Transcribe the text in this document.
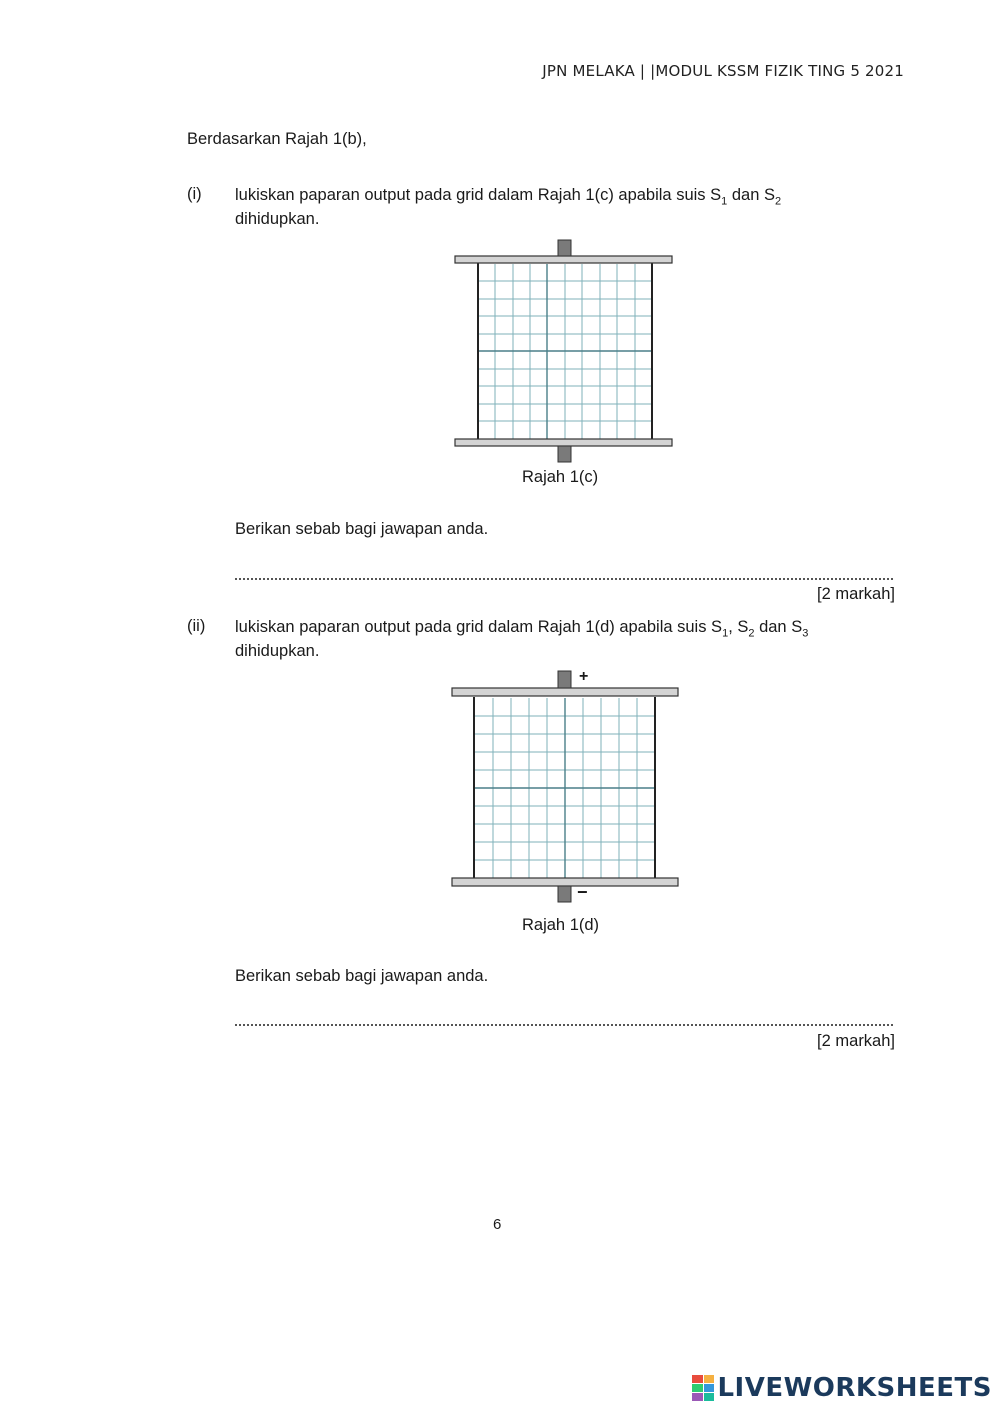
JPN MELAKA | |MODUL KSSM FIZIK TING 5 2021
Berdasarkan Rajah 1(b),
(i) lukiskan paparan output pada grid dalam Rajah 1(c) apabila suis $S_1$ dan $S_2$
dihidupkan.
Rajah 1(c)
Berikan sebab bagi jawapan anda.
[2 markah]
(ii) lukiskan paparan output pada grid dalam Rajah 1(d) apabila suis $S_1$, $S_2$ dan $S_3$
dihidupkan.
+
−
Rajah 1(d)
Berikan sebab bagi jawapan anda.
[2 markah]
6
LIVEWORKSHEETS
